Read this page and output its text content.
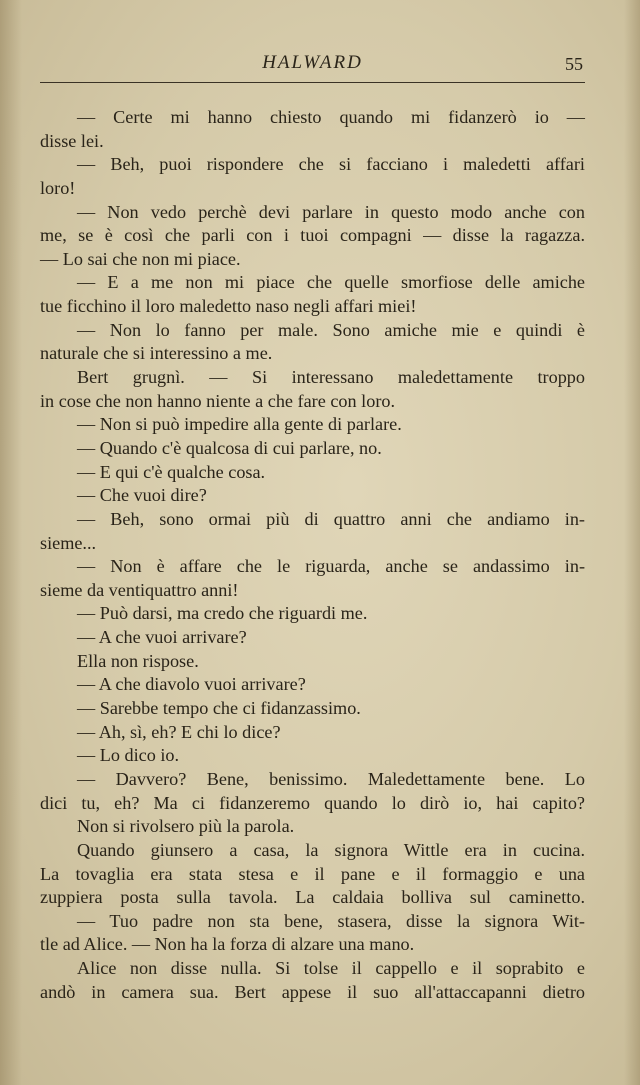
HALWARD	55
— Certe mi hanno chiesto quando mi fidanzerò io —
disse lei.
— Beh, puoi rispondere che si facciano i maledetti affari
loro!
— Non vedo perchè devi parlare in questo modo anche con
me, se è così che parli con i tuoi compagni — disse la ragazza.
— Lo sai che non mi piace.
— E a me non mi piace che quelle smorfiose delle amiche
tue ficchino il loro maledetto naso negli affari miei!
— Non lo fanno per male. Sono amiche mie e quindi è
naturale che si interessino a me.
Bert grugnì. — Si interessano maledettamente troppo
in cose che non hanno niente a che fare con loro.
— Non si può impedire alla gente di parlare.
— Quando c'è qualcosa di cui parlare, no.
— E qui c'è qualche cosa.
— Che vuoi dire?
— Beh, sono ormai più di quattro anni che andiamo in-
sieme...
— Non è affare che le riguarda, anche se andassimo in-
sieme da ventiquattro anni!
— Può darsi, ma credo che riguardi me.
— A che vuoi arrivare?
Ella non rispose.
— A che diavolo vuoi arrivare?
— Sarebbe tempo che ci fidanzassimo.
— Ah, sì, eh? E chi lo dice?
— Lo dico io.
— Davvero? Bene, benissimo. Maledettamente bene. Lo
dici tu, eh? Ma ci fidanzeremo quando lo dirò io, hai capito?
Non si rivolsero più la parola.
Quando giunsero a casa, la signora Wittle era in cucina.
La tovaglia era stata stesa e il pane e il formaggio e una
zuppiera posta sulla tavola. La caldaia bolliva sul caminetto.
— Tuo padre non sta bene, stasera, disse la signora Wit-
tle ad Alice. — Non ha la forza di alzare una mano.
Alice non disse nulla. Si tolse il cappello e il soprabito e
andò in camera sua. Bert appese il suo all'attaccapanni dietro
